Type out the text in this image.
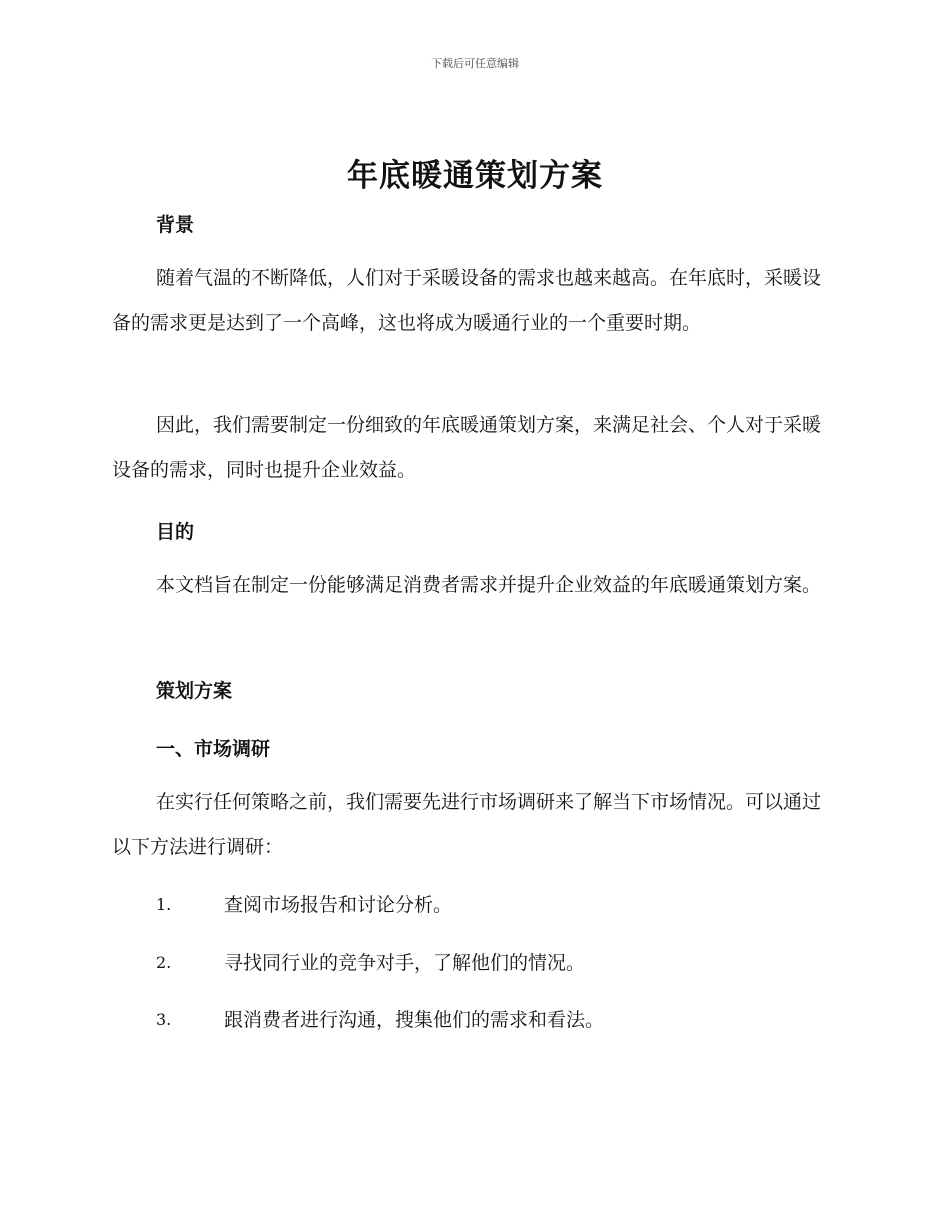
下载后可任意编辑
年底暖通策划方案
背景
随着气温的不断降低，人们对于采暖设备的需求也越来越高。在年底时，采暖设备的需求更是达到了一个高峰，这也将成为暖通行业的一个重要时期。
因此，我们需要制定一份细致的年底暖通策划方案，来满足社会、个人对于采暖设备的需求，同时也提升企业效益。
目的
本文档旨在制定一份能够满足消费者需求并提升企业效益的年底暖通策划方案。
策划方案
一、市场调研
在实行任何策略之前，我们需要先进行市场调研来了解当下市场情况。可以通过以下方法进行调研：
1.	查阅市场报告和讨论分析。
2.	寻找同行业的竞争对手，了解他们的情况。
3.	跟消费者进行沟通，搜集他们的需求和看法。
